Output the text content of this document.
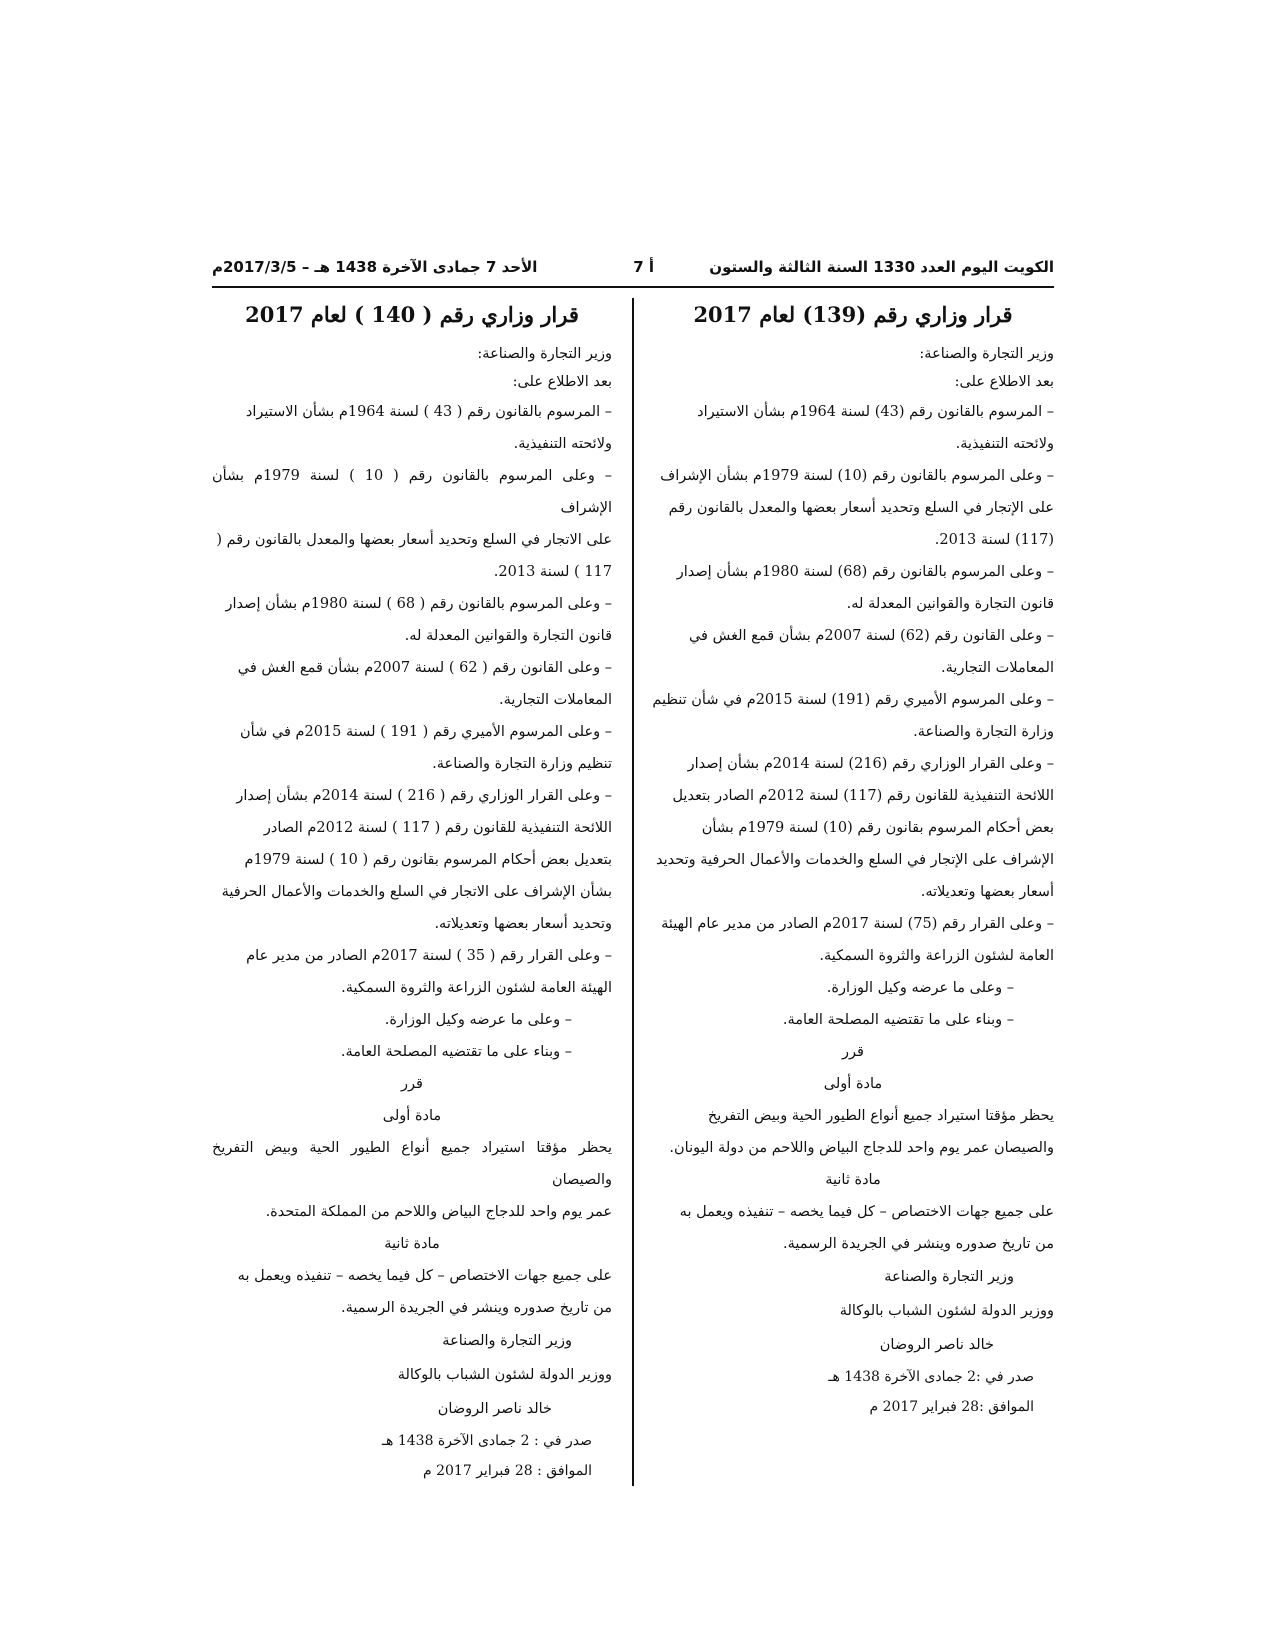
الكويت اليوم العدد 1330 السنة الثالثة والستون
أ 7
الأحد 7 جمادى الآخرة 1438 هـ – 2017/3/5م

قرار وزاري رقم (139) لعام 2017

وزير التجارة والصناعة:

بعد الاطلاع على:

– المرسوم بالقانون رقم (43) لسنة 1964م بشأن الاستيراد

ولائحته التنفيذية.

– وعلى المرسوم بالقانون رقم (10) لسنة 1979م بشأن الإشراف

على الإتجار في السلع وتحديد أسعار بعضها والمعدل بالقانون رقم

(117) لسنة 2013.

– وعلى المرسوم بالقانون رقم (68) لسنة 1980م بشأن إصدار

قانون التجارة والقوانين المعدلة له.

– وعلى القانون رقم (62) لسنة 2007م بشأن قمع الغش في

المعاملات التجارية.

– وعلى المرسوم الأميري رقم (191) لسنة 2015م في شأن تنظيم

وزارة التجارة والصناعة.

– وعلى القرار الوزاري رقم (216) لسنة 2014م بشأن إصدار

اللائحة التنفيذية للقانون رقم (117) لسنة 2012م الصادر بتعديل

بعض أحكام المرسوم بقانون رقم (10) لسنة 1979م بشأن

الإشراف على الإتجار في السلع والخدمات والأعمال الحرفية وتحديد

أسعار بعضها وتعديلاته.

– وعلى القرار رقم (75) لسنة 2017م الصادر من مدير عام الهيئة

العامة لشئون الزراعة والثروة السمكية.

– وعلى ما عرضه وكيل الوزارة.

– وبناء على ما تقتضيه المصلحة العامة.

قرر

مادة أولى

يحظر مؤقتا استيراد جميع أنواع الطيور الحية وبيض التفريخ

والصيصان عمر يوم واحد للدجاج البياض واللاحم من دولة اليونان.

مادة ثانية

على جميع جهات الاختصاص – كل فيما يخصه – تنفيذه ويعمل به

من تاريخ صدوره وينشر في الجريدة الرسمية.

وزير التجارة والصناعة

ووزير الدولة لشئون الشباب بالوكالة

خالد ناصر الروضان

صدر في :2 جمادى الآخرة 1438 هـ

الموافق :28 فبراير 2017 م

قرار وزاري رقم ( 140 ) لعام 2017

وزير التجارة والصناعة:

بعد الاطلاع على:

– المرسوم بالقانون رقم ( 43 ) لسنة 1964م بشأن الاستيراد

ولائحته التنفيذية.

– وعلى المرسوم بالقانون رقم ( 10 ) لسنة 1979م بشأن الإشراف

على الاتجار في السلع وتحديد أسعار بعضها والمعدل بالقانون رقم (

117 ) لسنة 2013.

– وعلى المرسوم بالقانون رقم ( 68 ) لسنة 1980م بشأن إصدار

قانون التجارة والقوانين المعدلة له.

– وعلى القانون رقم ( 62 ) لسنة 2007م بشأن قمع الغش في

المعاملات التجارية.

– وعلى المرسوم الأميري رقم ( 191 ) لسنة 2015م في شأن

تنظيم وزارة التجارة والصناعة.

– وعلى القرار الوزاري رقم ( 216 ) لسنة 2014م بشأن إصدار

اللائحة التنفيذية للقانون رقم ( 117 ) لسنة 2012م الصادر

بتعديل بعض أحكام المرسوم بقانون رقم ( 10 ) لسنة 1979م

بشأن الإشراف على الاتجار في السلع والخدمات والأعمال الحرفية

وتحديد أسعار بعضها وتعديلاته.

– وعلى القرار رقم ( 35 ) لسنة 2017م الصادر من مدير عام

الهيئة العامة لشئون الزراعة والثروة السمكية.

– وعلى ما عرضه وكيل الوزارة.

– وبناء على ما تقتضيه المصلحة العامة.

قرر

مادة أولى

يحظر مؤقتا استيراد جميع أنواع الطيور الحية وبيض التفريخ والصيصان

عمر يوم واحد للدجاج البياض واللاحم من المملكة المتحدة.

مادة ثانية

على جميع جهات الاختصاص – كل فيما يخصه – تنفيذه ويعمل به

من تاريخ صدوره وينشر في الجريدة الرسمية.

وزير التجارة والصناعة

ووزير الدولة لشئون الشباب بالوكالة

خالد ناصر الروضان

صدر في : 2 جمادى الآخرة 1438 هـ

الموافق : 28 فبراير 2017 م
